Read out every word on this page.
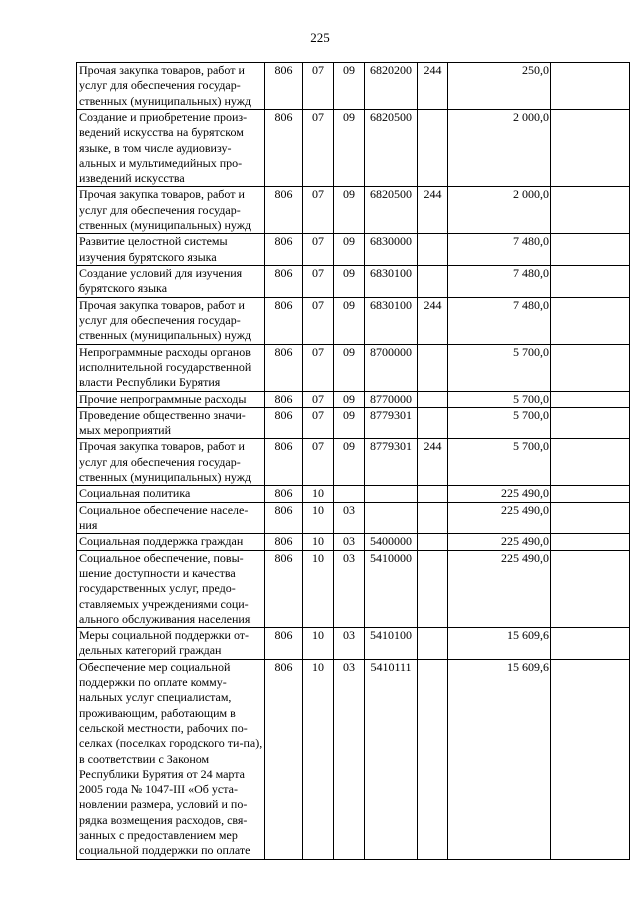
225
Прочая закупка товаров, работ и услуг для обеспечения государ-ственных (муниципальных) нужд	806	07	09	6820200	244	250,0	
Создание и приобретение произ-ведений искусства на бурятском языке, в том числе аудиовизу-альных и мультимедийных про-изведений искусства	806	07	09	6820500		2 000,0	
Прочая закупка товаров, работ и услуг для обеспечения государ-ственных (муниципальных) нужд	806	07	09	6820500	244	2 000,0	
Развитие целостной системы изучения бурятского языка	806	07	09	6830000		7 480,0	
Создание условий для изучения бурятского языка	806	07	09	6830100		7 480,0	
Прочая закупка товаров, работ и услуг для обеспечения государ-ственных (муниципальных) нужд	806	07	09	6830100	244	7 480,0	
Непрограммные расходы органов исполнительной государственной власти Республики Бурятия	806	07	09	8700000		5 700,0	
Прочие непрограммные расходы	806	07	09	8770000		5 700,0	
Проведение общественно значи-мых мероприятий	806	07	09	8779301		5 700,0	
Прочая закупка товаров, работ и услуг для обеспечения государ-ственных (муниципальных) нужд	806	07	09	8779301	244	5 700,0	
Социальная политика	806	10				225 490,0	
Социальное обеспечение населе-ния	806	10	03			225 490,0	
Социальная поддержка граждан	806	10	03	5400000		225 490,0	
Социальное обеспечение, повы-шение доступности и качества государственных услуг, предо-ставляемых учреждениями соци-ального обслуживания населения	806	10	03	5410000		225 490,0	
Меры социальной поддержки от-дельных категорий граждан	806	10	03	5410100		15 609,6	
Обеспечение мер социальной поддержки по оплате комму-нальных услуг специалистам, проживающим, работающим в сельской местности, рабочих по-селках (поселках городского ти-па), в соответствии с Законом Республики Бурятия от 24 марта 2005 года № 1047-III «Об уста-новлении размера, условий и по-рядка возмещения расходов, свя-занных с предоставлением мер социальной поддержки по оплате	806	10	03	5410111		15 609,6	
